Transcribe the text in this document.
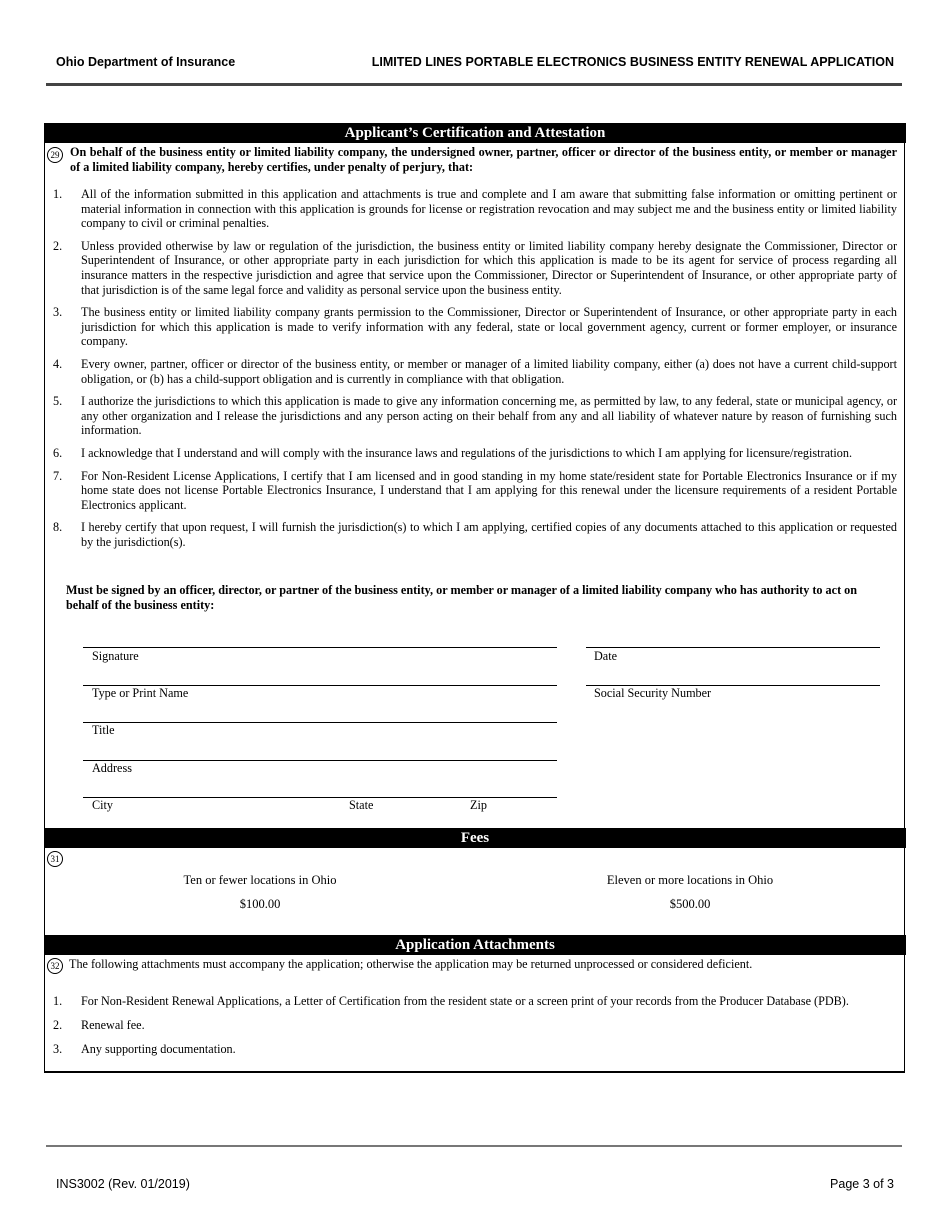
Ohio Department of Insurance	LIMITED LINES PORTABLE ELECTRONICS BUSINESS ENTITY RENEWAL APPLICATION
Applicant’s Certification and Attestation
29 On behalf of the business entity or limited liability company, the undersigned owner, partner, officer or director of the business entity, or member or manager of a limited liability company, hereby certifies, under penalty of perjury, that:
1.	All of the information submitted in this application and attachments is true and complete and I am aware that submitting false information or omitting pertinent or material information in connection with this application is grounds for license or registration revocation and may subject me and the business entity or limited liability company to civil or criminal penalties.
2.	Unless provided otherwise by law or regulation of the jurisdiction, the business entity or limited liability company hereby designate the Commissioner, Director or Superintendent of Insurance, or other appropriate party in each jurisdiction for which this application is made to be its agent for service of process regarding all insurance matters in the respective jurisdiction and agree that service upon the Commissioner, Director or Superintendent of Insurance, or other appropriate party of that jurisdiction is of the same legal force and validity as personal service upon the business entity.
3.	The business entity or limited liability company grants permission to the Commissioner, Director or Superintendent of Insurance, or other appropriate party in each jurisdiction for which this application is made to verify information with any federal, state or local government agency, current or former employer, or insurance company.
4.	Every owner, partner, officer or director of the business entity, or member or manager of a limited liability company, either (a) does not have a current child-support obligation, or (b) has a child-support obligation and is currently in compliance with that obligation.
5.	I authorize the jurisdictions to which this application is made to give any information concerning me, as permitted by law, to any federal, state or municipal agency, or any other organization and I release the jurisdictions and any person acting on their behalf from any and all liability of whatever nature by reason of furnishing such information.
6.	I acknowledge that I understand and will comply with the insurance laws and regulations of the jurisdictions to which I am applying for licensure/registration.
7.	For Non-Resident License Applications, I certify that I am licensed and in good standing in my home state/resident state for Portable Electronics Insurance or if my home state does not license Portable Electronics Insurance, I understand that I am applying for this renewal under the licensure requirements of a resident Portable Electronics applicant.
8.	I hereby certify that upon request, I will furnish the jurisdiction(s) to which I am applying, certified copies of any documents attached to this application or requested by the jurisdiction(s).
Must be signed by an officer, director, or partner of the business entity, or member or manager of a limited liability company who has authority to act on behalf of the business entity:
Signature	Date
Type or Print Name	Social Security Number
Title
Address
City	State	Zip
Fees
31
Ten or fewer locations in Ohio
$100.00
Eleven or more locations in Ohio
$500.00
Application Attachments
32 The following attachments must accompany the application; otherwise the application may be returned unprocessed or considered deficient.
1.	For Non-Resident Renewal Applications, a Letter of Certification from the resident state or a screen print of your records from the Producer Database (PDB).
2.	Renewal fee.
3.	Any supporting documentation.
INS3002 (Rev. 01/2019)	Page 3 of 3
